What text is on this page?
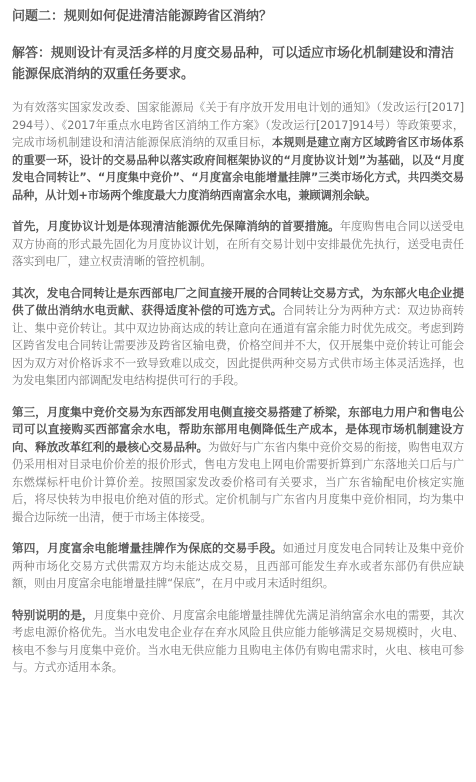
问题二：规则如何促进清洁能源跨省区消纳？
解答：规则设计有灵活多样的月度交易品种，可以适应市场化机制建设和清洁能源保底消纳的双重任务要求。
为有效落实国家发改委、国家能源局《关于有序放开发用电计划的通知》（发改运行[2017] 294号）、《2017年重点水电跨省区消纳工作方案》（发改运行[2017]914号）等政策要求，完成市场机制建设和清洁能源保底消纳的双重目标，本规则是建立南方区域跨省区市场体系的重要一环，设计的交易品种以落实政府间框架协议的“月度协议计划”为基础，以及“月度发电合同转让”、“月度集中竞价”、“月度富余电能增量挂牌”三类市场化方式，共四类交易品种，从计划+市场两个维度最大力度消纳西南富余水电，兼顾调剂余缺。
首先，月度协议计划是体现清洁能源优先保障消纳的首要措施。年度购售电合同以送受电双方协商的形式最先固化为月度协议计划，在所有交易计划中安排最优先执行，送受电责任落实到电厂，建立权责清晰的管控机制。
其次，发电合同转让是东西部电厂之间直接开展的合同转让交易方式，为东部火电企业提供了做出消纳水电贡献、获得适度补偿的可选方式。合同转让分为两种方式：双边协商转让、集中竞价转让。其中双边协商达成的转让意向在通道有富余能力时优先成交。考虑到跨区跨省发电合同转让需要涉及跨省区输电费，价格空间并不大，仅开展集中竞价转让可能会因为双方对价格诉求不一致导致难以成交，因此提供两种交易方式供市场主体灵活选择，也为发电集团内部调配发电结构提供可行的手段。
第三，月度集中竞价交易为东西部发用电侧直接交易搭建了桥梁，东部电力用户和售电公司可以直接购买西部富余水电，帮助东部用电侧降低生产成本，是体现市场机制建设方向、释放改革红利的最核心交易品种。为做好与广东省内集中竞价交易的衔接，购售电双方仍采用相对目录电价价差的报价形式，售电方发电上网电价需要折算到广东落地关口后与广东燃煤标杆电价计算价差。按照国家发改委价格司有关要求，当广东省输配电价核定实施后，将尽快转为申报电价绝对值的形式。定价机制与广东省内月度集中竞价相同，均为集中撮合边际统一出清，便于市场主体接受。
第四，月度富余电能增量挂牌作为保底的交易手段。如通过月度发电合同转让及集中竞价两种市场化交易方式供需双方均未能达成交易，且西部可能发生弃水或者东部仍有供应缺额，则由月度富余电能增量挂牌“保底”，在月中或月末适时组织。
特别说明的是，月度集中竞价、月度富余电能增量挂牌优先满足消纳富余水电的需要，其次考虑电源价格优先。当水电发电企业存在弃水风险且供应能力能够满足交易规模时，火电、核电不参与月度集中竞价。当水电无供应能力且购电主体仍有购电需求时，火电、核电可参与。方式亦适用本条。
